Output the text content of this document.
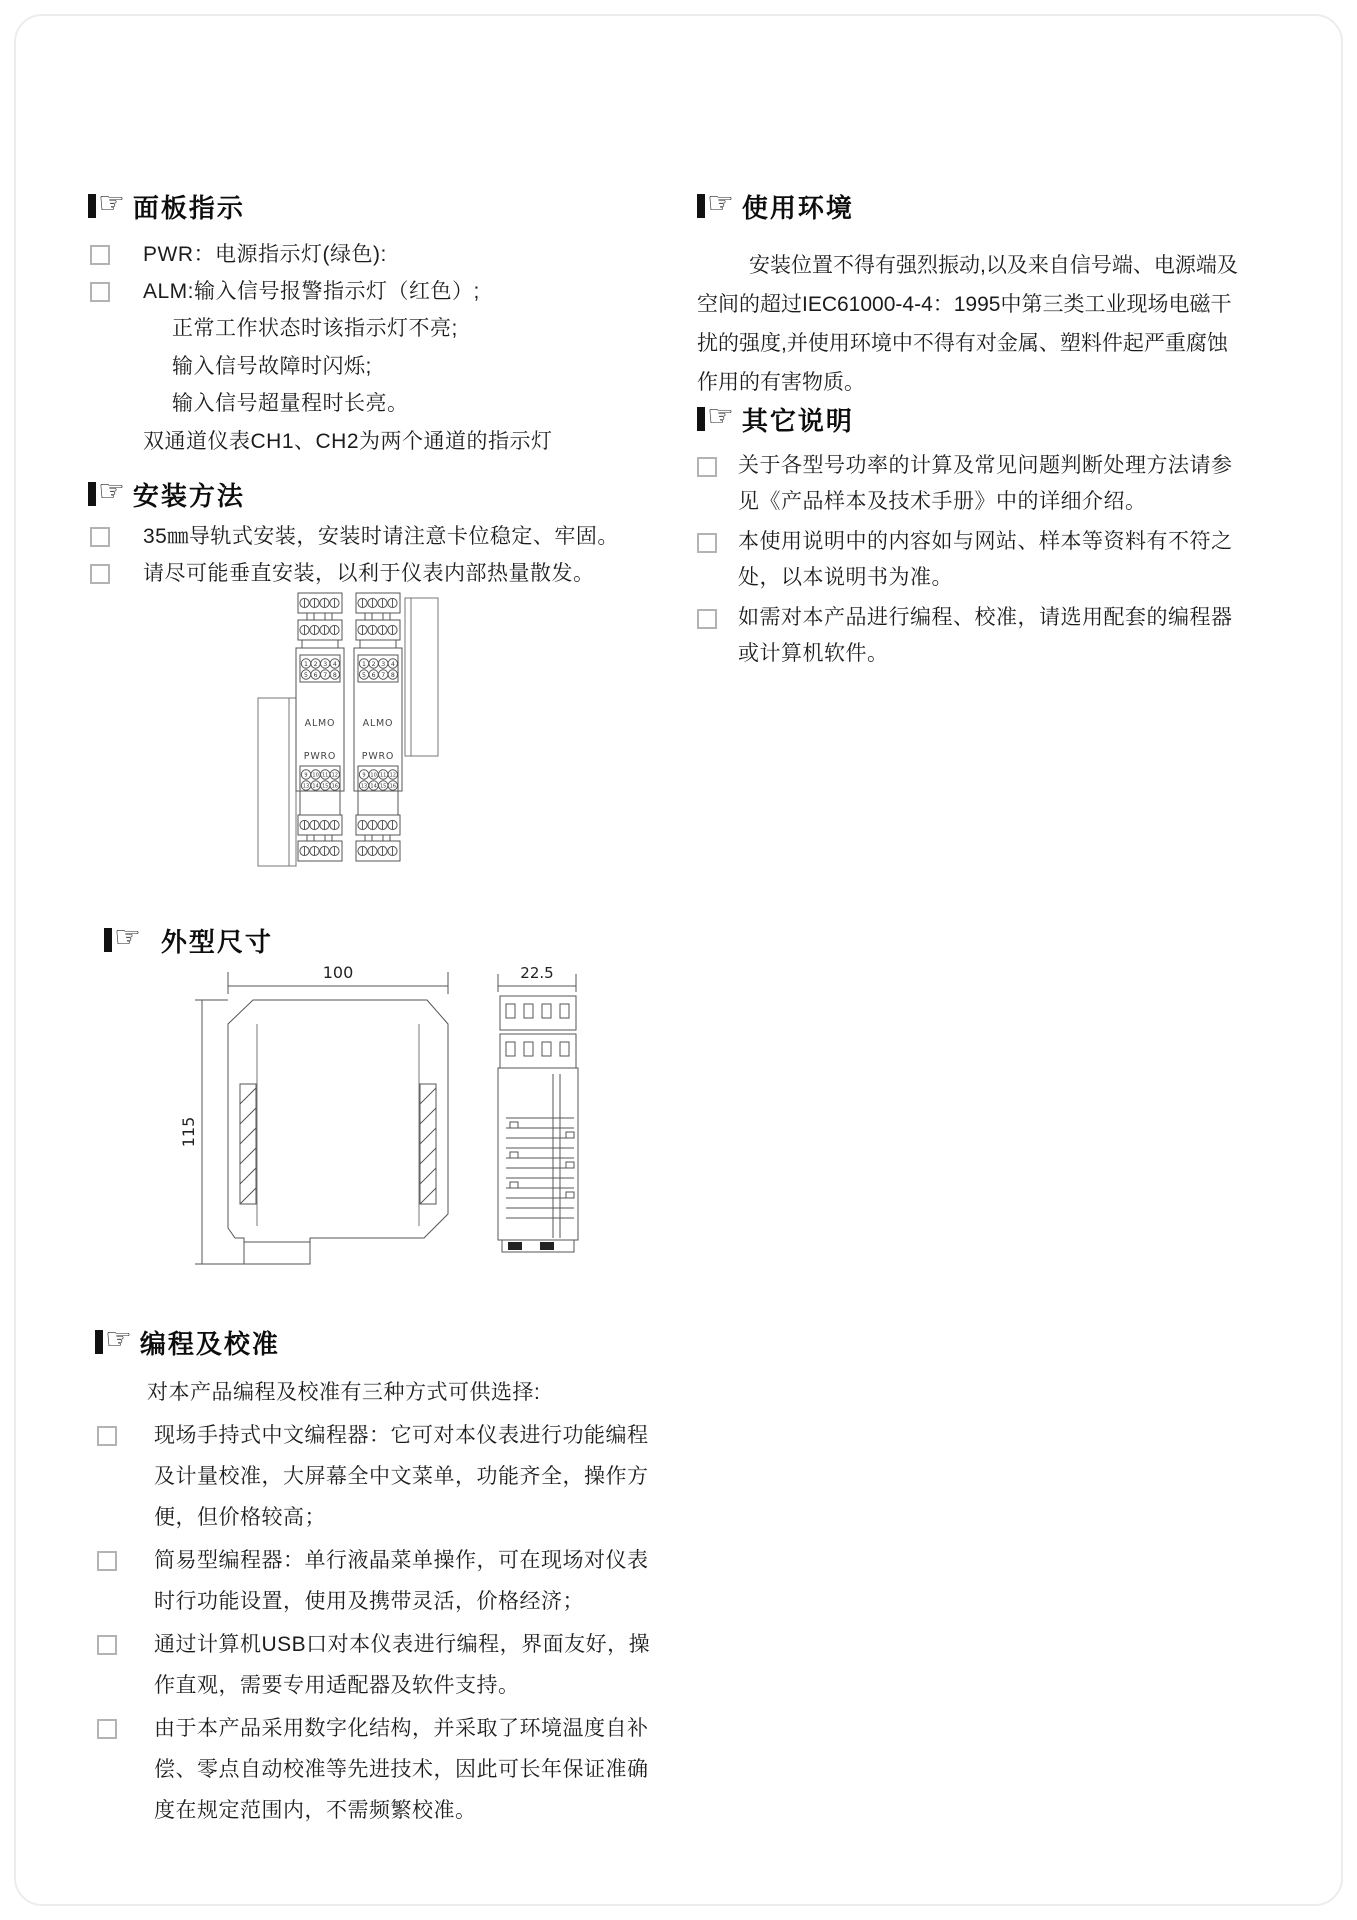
☞ 面板指示
PWR：电源指示灯(绿色):
ALM:输入信号报警指示灯（红色）;
正常工作状态时该指示灯不亮;
输入信号故障时闪烁;
输入信号超量程时长亮。
双通道仪表CH1、CH2为两个通道的指示灯
☞ 安装方法
35㎜导轨式安装，安装时请注意卡位稳定、牢固。
请尽可能垂直安装，以利于仪表内部热量散发。
1 2 3 4
5 6 7 8
ALMO
PWRO
9 10 11 12
13 14 15 16
1 2 3 4
5 6 7 8
ALMO
PWRO
9 10 11 12
13 14 15 16
☞ 外型尺寸
100
115
22.5
☞ 编程及校准
对本产品编程及校准有三种方式可供选择:
现场手持式中文编程器：它可对本仪表进行功能编程及计量校准，大屏幕全中文菜单，功能齐全，操作方便，但价格较高；
简易型编程器：单行液晶菜单操作，可在现场对仪表时行功能设置，使用及携带灵活，价格经济；
通过计算机USB口对本仪表进行编程，界面友好，操作直观，需要专用适配器及软件支持。
由于本产品采用数字化结构，并采取了环境温度自补偿、零点自动校准等先进技术，因此可长年保证准确度在规定范围内，不需频繁校准。
☞ 使用环境
安装位置不得有强烈振动,以及来自信号端、电源端及空间的超过IEC61000-4-4：1995中第三类工业现场电磁干扰的强度,并使用环境中不得有对金属、塑料件起严重腐蚀作用的有害物质。
☞ 其它说明
关于各型号功率的计算及常见问题判断处理方法请参见《产品样本及技术手册》中的详细介绍。
本使用说明中的内容如与网站、样本等资料有不符之处，以本说明书为准。
如需对本产品进行编程、校准，请选用配套的编程器或计算机软件。
